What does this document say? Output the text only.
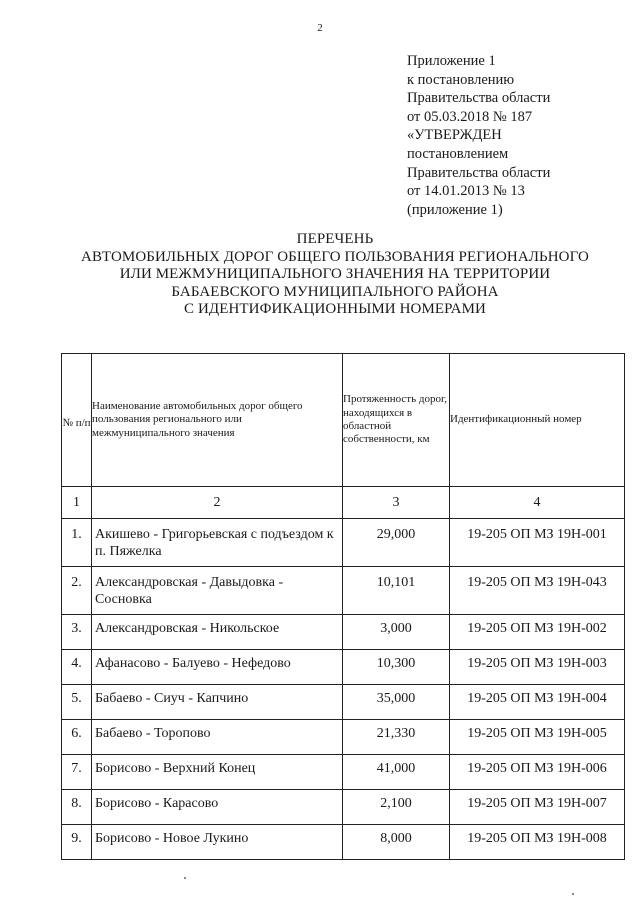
2
Приложение 1
к постановлению
Правительства области
от 05.03.2018 № 187
«УТВЕРЖДЕН
постановлением
Правительства области
от 14.01.2013 № 13
(приложение 1)
ПЕРЕЧЕНЬ
АВТОМОБИЛЬНЫХ ДОРОГ ОБЩЕГО ПОЛЬЗОВАНИЯ РЕГИОНАЛЬНОГО
ИЛИ МЕЖМУНИЦИПАЛЬНОГО ЗНАЧЕНИЯ НА ТЕРРИТОРИИ
БАБАЕВСКОГО МУНИЦИПАЛЬНОГО РАЙОНА
С ИДЕНТИФИКАЦИОННЫМИ НОМЕРАМИ
№ п/п	Наименование автомобильных дорог общего пользования регионального или межмуниципального значения	Протяженность дорог, находящихся в областной собственности, км	Идентификационный номер
1	2	3	4
1.	Акишево - Григорьевская с подъездом к п. Пяжелка	29,000	19-205 ОП МЗ 19Н-001
2.	Александровская - Давыдовка - Сосновка	10,101	19-205 ОП МЗ 19Н-043
3.	Александровская - Никольское	3,000	19-205 ОП МЗ 19Н-002
4.	Афанасово - Балуево - Нефедово	10,300	19-205 ОП МЗ 19Н-003
5.	Бабаево - Сиуч - Капчино	35,000	19-205 ОП МЗ 19Н-004
6.	Бабаево - Торопово	21,330	19-205 ОП МЗ 19Н-005
7.	Борисово - Верхний Конец	41,000	19-205 ОП МЗ 19Н-006
8.	Борисово - Карасово	2,100	19-205 ОП МЗ 19Н-007
9.	Борисово - Новое Лукино	8,000	19-205 ОП МЗ 19Н-008
